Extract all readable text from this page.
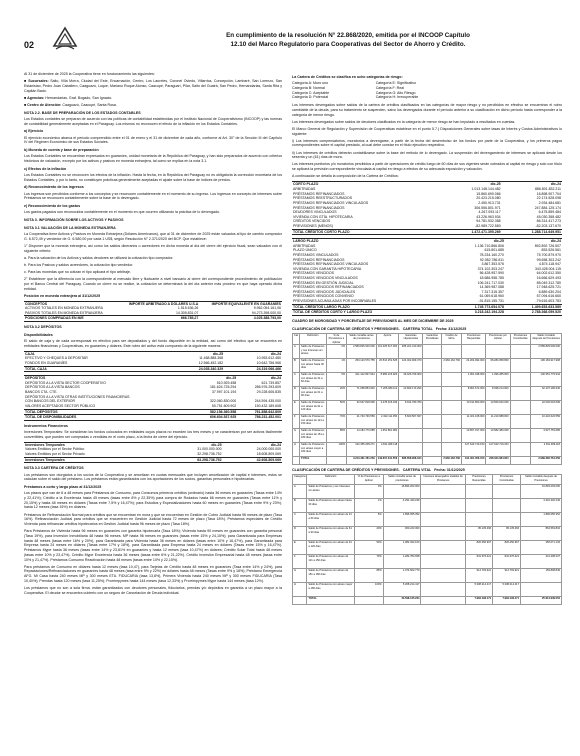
02
En cumplimiento de la resolución N° 22.868/2020, emitida por el INCOOP Capítulo
12.10 del Marco Regulatorio para Cooperativas del Sector de Ahorro y Crédito.

Al 31 de diciembre de 2025 la Cooperativa tiene en funcionamiento las siguientes:

■ Sucursales: Salto, Villa Morra, Ciudad del Este, Encarnación, Centro, Los Laureles, Coronel Oviedo, Villarrica, Concepción, Lambaré, San Lorenzo, San Estanislao, Pedro Juan Caballero, Caaguazú, Luque, Mariano Roque Alonso, Caacupé, Paraguarí, Pilar, Salto del Guairá, San Pedro, Hernandarias, Santa Rita y Capitán Bado.

■ Agencias: Hernandarias, Graf. Bogado, San Ignacio.

■ Centro de Atención: Caaguazú, Caacupé, Santa Rosa.

NOTA 2.2. BASE DE PREPARACIÓN DE LOS ESTADOS CONTABLES

Los Estados contables se preparan de acuerdo con las políticas de contabilidad establecidas por el Instituto Nacional de Cooperativismo (INCOOP) y las normas de contabilidad generalmente aceptadas en el Paraguay. Los mismos no reconocen el efecto de la inflación en los Estados Contables.

a) Ejercicio

El ejercicio económico abarca el período comprendido entre el 01 de enero y el 31 de diciembre de cada año, conforme al Art. 30° de la Sección III del Capítulo IV del Régimen Económico de sus Estados Sociales.

b) Moneda de cuenta y base de preparación

Los Estados Contables se encuentran expresados en guaraníes, unidad monetaria de la República del Paraguay, y han sido preparados de acuerdo con criterios históricos de valuación, excepto por los activos y pasivos en moneda extranjera, tal como se explica en la nota 3.1.

c) Efectos de la inflación

Los Estados Contables no se reconocen los efectos de la inflación. Hasta la fecha, en la República del Paraguay no es obligatoria la corrección monetaria de los Estados Contables, y por lo tanto, no constituyen prácticas generalmente aceptadas el ajuste sobre la base de índices de precios.

d) Reconocimiento de los ingresos

Los ingresos son percibidos conforme a los conceptos y se reconocen contablemente en el momento de su ingreso. Los ingresos en concepto de intereses sobre Préstamos se reconocen contablemente sobre la base de lo devengado.

e) Reconocimiento de los gastos

Los gastos pagados son reconocidos contablemente en el momento en que ocurren utilizando la práctica de lo devengado.

NOTA 3. INFORMACIÓN SOBRE LOS ACTIVOS Y PASIVOS
NOTA 3.1 VALUACIÓN DE LA MONEDA EXTRANJERA

La Cooperativa tiene Activos y Pasivos en Moneda Extranjera (Dólares Americanos), que al 31 de diciembre de 2025 están valuados al tipo de cambio comprador G. 6.572,49 y vendedor de G. 6.580,00 por cada 1 US$, según Resolución N° 2.371/2020 del BCP. Que establece:

1° Disponer que la moneda extranjera, así como los saldos dinerarios o acreedores en dicha moneda al día del cierre del ejercicio fiscal, sean valuados con el siguiente criterio:

a. Para la valuación de los Activos y saldos deudores se utilizará la cotización tipo comprador.

b. Para los Pasivos y saldos acreedores, la cotización tipo vendedor.

c. Para las monedas que no cotizan el tipo aplicará el tipo arbitraje.

2° Establecer que la diferencia con la correspondiente al mercado libre y fluctuante a nivel bancario al cierre del correspondiente procedimiento de publicación por el Banco Central del Paraguay. Cuando un cierre no se realice, la cotización se determinará la del día anterior más próximo en que haya operado dicha entidad.

Posición en moneda extranjera al 31/12/2025
CONCEPTOS	IMPORTE ARBITRADO A DÓLARES U.S.A	IMPORTE EQUIVALENTE EN GUARANÍES
ACTIVOS TOTALES EN MONEDA EXTRANJERA	1.515.636,26	9.962.054.161,06
PASIVOS TOTALES EN MONEDA EXTRANJERA	14.305.831,07	94.273.398.000,00
POSICIONES COMPRADAS EN M/E	666.785,27	4.025.388.793,00
NOTA 3.2 DEPÓSITOS
Disponibilidades

El saldo de caja y de cada corresponsal en efectivo para ser depositados y del fondo disponible en la entidad, así como del efectivo que se encuentra en entidades financieras y Cooperativas, en guaraníes y dólares. Este rubro del activo está compuesto de la siguiente manera:

CAJA	dic-25	dic-24
EFECTIVO Y CHEQUES A DEPOSITAR	11.468.888.368	10.953.612.480
FONDOS EN GUARANÍES	12.566.452.182	10.642.756.966
TOTAL CAJA	24.035.340.329	24.319.066.466
DEPÓSITOS	dic-25	dic-24
DEPÓSITOS A LA VISTA SECTOR COOPERATIVO	510.929.458	621.739.857
DEPÓSITOS A LA VISTA BANCOS	181.624.725.294	286.976.293.609
BANCOS CTA. CTE.	37.997.101.194	29.228.606.835
DEPÓSITOS A LA VISTA OTRAS INSTITUCIONES FINANCIERAS		
CON BANCOS DEL EXTERIOR	322.060.830.000	244.594.435.000
VALORES ACEPTADOS SECTOR PÚBLICO	50.751.609.902	150.432.189.608
TOTAL DEPÓSITOS	582.156.360.558	761.858.642.809
TOTAL DE DISPONIBILIDADES	606.604.537.925	786.231.452.001
Instrumentos Financieros

Inversiones Temporales: Se consideran los fondos colocados en entidades cuyos plazos no exceden los tres meses y se caracterizan por ser activos fácilmente convertibles, que pueden ser compradas o vendidas en el corto plazo, a la fecha de cierre del ejercicio.

Inversiones Temporales	dic-25	dic-24
Valores Emitidos por el Sector Público	31.000.000.000	24.000.000.000
Valores Emitidos por el Sector Privado	32.298.736.752	18.608.809.069
Inversiones Temporales	63.298.736.752	42.608.809.069
NOTA 3.3 CARTERA DE CRÉDITOS

Los préstamos son otorgados a los socios de la Cooperativa y se amortizan en cuotas mensuales que incluyen amortización de capital e intereses, estos se calculan sobre el saldo del préstamo. Los préstamos están garantizados con los aportaciones de los socios, garantías personales e hipotecarias.

Préstamos a corto y largo plazo al 31/12/2025

Los plazos que van de 6 a 48 meses para Préstamos de Consumo, para Consumos primeros créditos (ordinario) hasta 36 meses en guaraníes (Tasas entre 14% y 22,41%); Crédito a la Excelencia hasta 45 meses (tasas entre 8% y 22,35%) para compra de Rodados hasta 66 meses en guaraníes (Tasas entre 11% y 20,15%) y hasta 48 meses en dólares (Tasas entre 7,5% y 16,47%); para Estudios y Especializaciones hasta 60 meses en guaraníes (Tasas entre 9% y 23%), hasta 12 meses (tasa 15%) en dólares.

Préstamos de Refinanciación Normal para créditos que se encuentran en mora y que se encuentran en Gestión de Cobro Judicial hasta 96 meses de plazo (Tasa 16%). Refinanciación Judicial para créditos que se encuentren en Gestión Judicial hasta 72 meses de plazo (Tasa 18%). Préstamos especiales de Crédito Vivienda para refinanciar créditos hipotecarios en Gestión Judicial hasta 96 meses de plazo (Tasa 18%).

Para Préstamos de Vivienda hasta 96 meses en guaraníes con garantía hipotecaria (Tasa 18%); Vivienda hasta 90 meses en guaraníes con garantía personal (Tasa 19%), para Inversión Inmobiliaria 48 hasta 96 meses. MP hasta 96 meses en guaraníes (tasas entre 15% y 24,15%); para Garantizada para Empresas hasta 48 meses (tasas entre 16% y 20%), para Garantizada para Vivienda hasta 36 meses en dólares (tasas entre 10% y 16,47%), para Garantizada para Empresa hasta 24 meses en dólares (Tasas entre 17% y 18%), para Garantizada para Empresa hasta 24 meses en dólares (Tasas entre 15% y 16,47%). Préstamos Mype hasta 36 meses (tasas entre 14% y 23,81% en guaraníes y hasta 12 meses (tasa 10,47%) en dólares; Crédito Solar Total hasta 48 meses (tasas entre 10% y 23,47%). Crédito Mype Excelencia hasta 36 meses (tasas entre 6% y 21,22%). Crédito Inversión Empresarial hasta 48 meses (tasas entre 10% y 21,47%). Préstamos Consumo Reactivación hasta 48 meses (tasas entre 10% y 22,15%).

Para préstamos de Consumo en dólares hasta 12 meses (tasa 10,47), para Tarjetas de Crédito hasta 48 meses en guaraníes (Tasa entre 14% y 24%), para Repactaciones/Refinanciaciones en guaraníes hasta 48 meses (tasa entre 9% y 22%) en dólares hasta 48 meses (Tasas entre 9% y 18%); Préstamo Emergencia AFG. Mi Casa hasta 240 meses MP y 300 meses ETA. FIDUCARIA (tasa 13,8%), Primera Vivienda hasta 240 meses MP y 300 meses FIDUCARIA (Tasa 10,40%); Prendas hasta 120 meses (tasa 11,25%); Prorrimpymes hasta 144 meses (tasa 12,33%) y Prorrimpymes Mype hasta 144 meses (tasa 12%).

Los préstamos que no son a sola firma, están garantizados con deudores personales, fiduciarios, prendas y/o depósitos en garantía a un plazo mayor a la Cooperativa. El deudor se encuentra cubierto con un seguro de Cancelación de Deuda individual.

La Cartera de Créditos se clasifica en ocho categorías de riesgo:
Categoría A: Muro uno	Categoría E: Significativo
Categoría B: Normal	Categoría F: Real
Categoría C: Aceptable	Categoría G: Alto Riesgo
Categoría D: Potencial	Categoría H: Irrecuperable

Los intereses devengados sobre saldos de la cartera de créditos clasificados en las categorías de mayor riesgo y no percibidos en efectivo se encuentran el rubro cambiable de la deuda, para su tratamiento se suspenden, salvo los devengados durante el período anterior a su clasificación en dicho período hasta corresponder a la categoría de menor riesgo.

Los intereses devengados sobre saldos de deudores clasificados en la categoría de menor riesgo se han imputado a resultados en cuentas.

El Marco General de Regulación y Supervisión de Cooperativas establece en el punto 5.7.) Disposiciones Generales sobre tasas de Interés y Costos Administrativos lo siguiente:

i) Los intereses compensatorios, moratorios a devengarse, a partir de la fecha del desembolso de los fondos por parte de la Cooperativa, y los primeros pagos correspondientes sobre el capital prestado, al cual debe constar en el título ejecutivo respectivo.

ii) Los intereses de créditos deberán contabilizarse sobre la base del método de lo devengado. La suspensión del devengamiento de intereses se aplicará desde los sesenta y un (61) días de mora.

Los intereses punitorios y/o moratorios percibidos a partir de operaciones de crédito luego de 60 días de sus vigentes serán cobrados al capital en riesgo y solo con título se aplicará la previsión correspondiente vinculada al capital en riesgo a efectos de su adecuada exposición y valuación.

A continuación se detalla la composición de la Cartera de Créditos:

CORTO PLAZO	dic-25	dic-24
ARBITRADAS	1.013.148.144.482	886.801.832.211
PRÉSTAMOS REFINANCIADOS	15.860.690.066	16.898.907.704
PRÉSTAMOS REESTRUCTURADOS	20.423.215.080	22.174.528.098
PRÉSTAMOS REFINANCIADOS VINCULADOS	2.450.913.731	2.934.484.681
PRÉSTAMOS REFINANCIADOS	306.556.801.971	247.884.125.174
DEUDORES VINCULADOS	4.267.093.117	6.475.859.484
VIVIENDA CON GTÍA. HIPOTECARIA	43.226.963.934	45.030.358.482
CRÉDITOS VENCIDOS	94.781.532.358	86.314.417.273
PREVISIONES (MENOS)	-82.989.722.580	-82.203.137.670
TOTAL CRÉDITOS CORTO PLAZO	1.472.471.395.269	1.288.714.649.951
LARGO PLAZO	dic-25	dic-24
ARBITRADAS	1.136.710.866.806	892.892.726.507
PLAZO ÚNICO	615.801.685	853.526.561
PRÉSTAMOS VINCULADOS	78.234.160.270	75.700.879.970
PRÉSTAMOS REFINANCIADOS	92.082.786.811	99.658.303.242
PRÉSTAMOS REFINANCIADOS VINCULADOS	3.867.353.576	4.874.118.947
VIVIENDA CON GARANTÍA HIPOTECARIA	374.102.303.247	343.428.004.115
PRÉSTAMOS VENCIDOS	56.428.957.590	64.002.612.350
PRÉSTAMOS VENCIDOS VINCULADOS	18.686.958.785	16.666.629.493
PRÉSTAMOS EN GESTIÓN JUDICIAL	106.241.717.030	85.049.312.780
PRÉSTAMOS VENCIDOS REFINANCIADOS	14.369.987.088	17.948.625.721
PRÉSTAMOS VENCIDOS JUDICIALES	7.317.315.357	6.889.630.204
PRÉSTAMOS VENCIDOS CONVENIO	61.069.618.960	57.094.616.660
PREVISIONES ACUMULADAS POR INCOBRABLES	-91.815.155.731	-79.616.603.783
TOTAL CRÉDITOS LARGO PLAZO	1.745.773.654.078	1.499.653.633.589
TOTAL DE CRÉDITOS CORTO Y LARGO PLAZO	3.218.242.194.228	2.788.368.059.520
CUADRO DE MOROSIDAD Y PORCENTAJE DE PREVISIONES AL MES DE DICIEMBRE DE 2025
CLASIFICACIÓN DE CARTERA DE CRÉDITOS Y PREVISIONES. CARTERA TOTAL Fecha: 31/12/2025
Cat	Definición	% de Previsiones a Aplicar	Saldo contable antes de previsiones	Aporte	Garantías Hipotecarias	Garantías Prendarias	Crédito de Mora	Previsiones Requeridas	Previsiones por Aplicar	Previsiones Constituidas	Saldo Contable después de Previsiones
A	Saldo de Préstamos y sus Intereses sin atraso	0%	2.589.825.000.000	101.025.617.000	485.221.310.000						2.589.825.000.000
B	Saldo de Préstamos con atraso hasta 30 días	1%	250.123.570.755	20.516.251.525	124.402.909.373		2.960.162.760	24.204.992.000	68.284.958.800		196.184.917.908
C	Saldo de Préstamos con atraso de 31 a 60 días	5%	101.412.827.944	8.986.216.920	39.426.709.000			1.061.048.000	1.096.285.000		100.351.779.944
D	Saldo de Préstamos con atraso de 61 a 90 días	20%	71.068.854.946	7.205.480.112	22.693.173.294			8.961.672.000	8.938.214.000		62.107.182.946
E	Saldo de Préstamos con atraso de 91 a 120 días	50%	32.647.818.699	3.478.315.049	9.914.780.780			10.611.800.000	10.569.640.000		22.036.018.699
F	Saldo de Préstamos con atraso de 121 a 150 días	70%	21.743.730.559	2.432.111.350	5.600.507.667			11.321.108.000	11.210.688.000		10.422.622.559
G	Saldo de Préstamos con atraso de 151 a 180 días	85%	14.184.770.085	1.651.861.082				10.657.017.000	10.582.480.000		3.527.753.085
H	Saldo de Préstamos con atraso mayor a 180 días	100%	132.455.208.271	4.811.489.118				127.643.719.153	127.643.719.153		4.811.489.118
	TOTAL		3.213.461.781.259	149.607.341.556	686.658.908.044		2.960.162.760	194.461.356.153	238.324.684.953		2.989.266.764.259
CLASIFICACIÓN DE CARTERA DE CRÉDITOS Y PREVISIONES. CARTERA VITAL Fecha: 31/12/2025
Categoría	Definición	% de Previsiones a Aplicar	Saldo contable antes de previsiones	Intereses devengados s/saldos de Préstamos	Previsiones Requeridas	Previsiones Constituidas	Saldo Contable después de Previsiones
A	Saldo de Préstamos y sus Intereses sin atraso	0%	16.893.263.000				16.893.263.000
B	Saldo de Préstamos con atraso hasta 30 días	1%	4.291.440.249				4.291.440.249
C	Saldo de Préstamos con atraso de 31 a 60 días	5%	1.896.055.352				1.896.055.352
D	Saldo de Préstamos con atraso de 61 a 90 días	20%	960.223.300		95.135.466	95.135.466	864.563.834
E	Saldo de Préstamos con atraso de 91 a 120 días	50%	1.082.322.100		826.250.967	826.250.967	256.071.133
F	Saldo de Préstamos con atraso de 121 a 150 días	70%	1.282.784.658		841.376.421	841.376.421	441.408.237
G	Saldo de Préstamos con atraso de 151 a 180 días	85%	1.074.602.770		914.793.921	914.793.921	159.808.849
H	Saldo de Préstamos con atraso mayor a 180 días	100%	5.308.214.417		5.308.214.417	5.308.214.417	
	TOTAL		33.598.135.224		7.984.196.171	7.984.196.171	25.613.939.053
